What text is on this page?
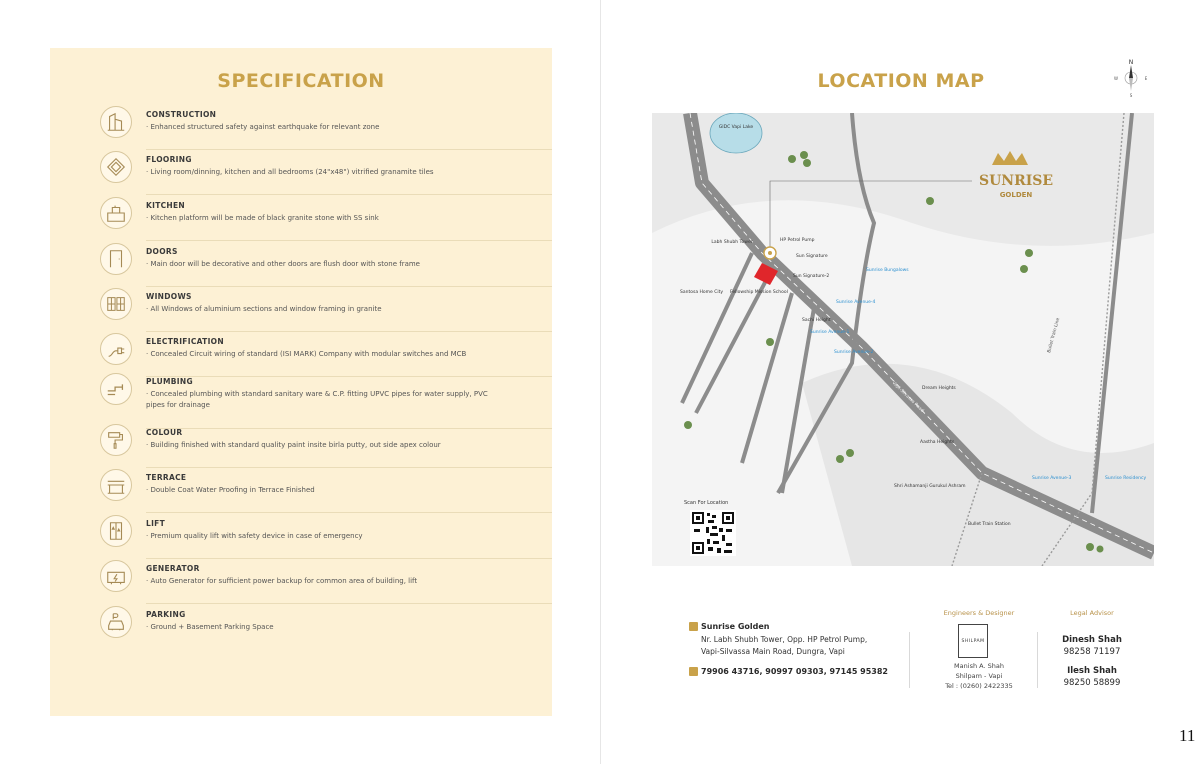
SPECIFICATION
CONSTRUCTION
· Enhanced structured safety against earthquake for relevant zone
FLOORING
· Living room/dinning, kitchen and all bedrooms (24"x48") vitrified granamite tiles
KITCHEN
· Kitchen platform will be made of black granite stone with SS sink
DOORS
· Main door will be decorative and other doors are flush door with stone frame
WINDOWS
· All Windows of aluminium sections and window framing in granite
ELECTRIFICATION
· Concealed Circuit wiring of standard (ISI MARK) Company with modular switches and MCB
PLUMBING
· Concealed plumbing with standard sanitary ware & C.P. fitting UPVC pipes for water supply, PVC pipes for drainage
COLOUR
· Building finished with standard quality paint insite birla putty, out side apex colour
TERRACE
· Double Coat Water Proofing in Terrace Finished
LIFT
· Premium quality lift with safety device in case of emergency
GENERATOR
· Auto Generator for sufficient power backup for common area of building, lift
PARKING
· Ground + Basement Parking Space
LOCATION MAP
N
E
S
W
GIDC Vapi Lake
Vapi-Silvassa Road
Bullet Train Line
SUNRISE
GOLDEN
Labh Shubh Tower	HP Petrol Pump
Sun Signature
Sun Signature-2
Santosa Home City Fellowship Mission School
Sachi Height
Dream Heights
Aastha Heights
Shri Ashamanji Gurukul Ashram
Bullet Train Station
Sunrise Bungalows
Sunrise Avenue-4
Sunrise Avenue-1
Sunrise Avenue-2
Sunrise Avenue-3	Sunrise Residency
Scan For Location
Sunrise Golden
Nr. Labh Shubh Tower, Opp. HP Petrol Pump,
Vapi-Silvassa Main Road, Dungra, Vapi
79906 43716, 90997 09303, 97145 95382
Engineers & Designer
SHILPAM
Manish A. Shah
Shilpam - Vapi
Tel : (0260) 2422335
Legal Advisor
Dinesh Shah
98258 71197
Ilesh Shah
98250 58899
11
